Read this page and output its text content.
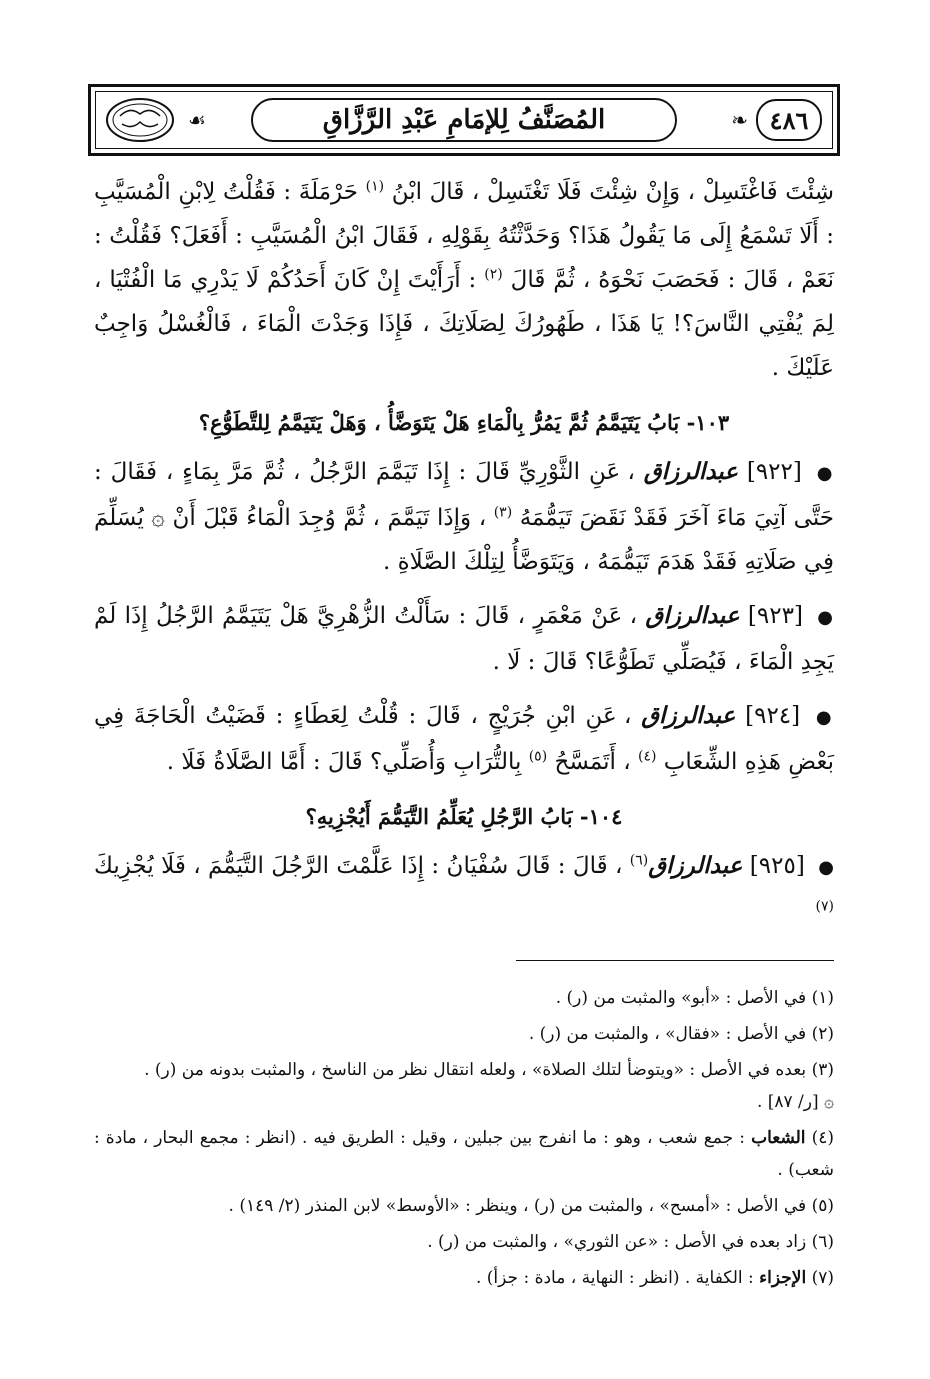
❧
☙	المُصَنَّفُ لِلإمَامِ عَبْدِ الرَّزَّاقِ	٤٨٦

شِئْتَ فَاغْتَسِلْ ، وَإِنْ شِئْتَ فَلَا تَغْتَسِلْ ، قَالَ ابْنُ $^{(١)}$ حَرْمَلَةَ : فَقُلْتُ لِابْنِ الْمُسَيَّبِ : أَلَا تَسْمَعُ إِلَى مَا يَقُولُ هَذَا؟ وَحَدَّثْتُهُ بِقَوْلِهِ ، فَقَالَ ابْنُ الْمُسَيَّبِ : أَفَعَلَ؟ فَقُلْتُ : نَعَمْ ، قَالَ : فَحَصَبَ نَحْوَهُ ، ثُمَّ قَالَ $^{(٢)}$ : أَرَأَيْتَ إِنْ كَانَ أَحَدُكُمْ لَا يَدْرِي مَا الْفُتْيَا ، لِمَ يُفْتِي النَّاسَ؟! يَا هَذَا ، طَهُورُكَ لِصَلَاتِكَ ، فَإِذَا وَجَدْتَ الْمَاءَ ، فَالْغُسْلُ وَاجِبٌ عَلَيْكَ .

١٠٣- بَابُ يَتَيَمَّمُ ثُمَّ يَمُرُّ بِالْمَاءِ هَلْ يَتَوَضَّأُ ، وَهَلْ يَتَيَمَّمُ لِلتَّطَوُّعِ؟

● [٩٢٢] عبدالرزاق ، عَنِ الثَّوْرِيِّ قَالَ : إِذَا تَيَمَّمَ الرَّجُلُ ، ثُمَّ مَرَّ بِمَاءٍ ، فَقَالَ : حَتَّى آتِيَ مَاءَ آخَرَ فَقَدْ نَقَضَ تَيَمُّمَهُ $^{(٣)}$ ، وَإِذَا تَيَمَّمَ ، ثُمَّ وُجِدَ الْمَاءُ قَبْلَ أَنْ ۞ يُسَلِّمَ فِي صَلَاتِهِ فَقَدْ هَدَمَ تَيَمُّمَهُ ، وَيَتَوَضَّأُ لِتِلْكَ الصَّلَاةِ .

● [٩٢٣] عبدالرزاق ، عَنْ مَعْمَرٍ ، قَالَ : سَأَلْتُ الزُّهْرِيَّ هَلْ يَتَيَمَّمُ الرَّجُلُ إِذَا لَمْ يَجِدِ الْمَاءَ ، فَيُصَلِّي تَطَوُّعًا؟ قَالَ : لَا .

● [٩٢٤] عبدالرزاق ، عَنِ ابْنِ جُرَيْجٍ ، قَالَ : قُلْتُ لِعَطَاءٍ : قَضَيْتُ الْحَاجَةَ فِي بَعْضِ هَذِهِ الشِّعَابِ $^{(٤)}$ ، أَتَمَسَّحُ $^{(٥)}$ بِالتُّرَابِ وَأُصَلِّي؟ قَالَ : أَمَّا الصَّلَاةُ فَلَا .

١٠٤- بَابُ الرَّجُلِ يُعَلِّمُ التَّيَمُّمَ أَيُجْزِيهِ؟

● [٩٢٥] عبدالرزاق$^{(٦)}$ ، قَالَ : قَالَ سُفْيَانُ : إِذَا عَلَّمْتَ الرَّجُلَ التَّيَمُّمَ ، فَلَا يُجْزِيكَ $^{(٧)}$

(١) في الأصل : «أبو» والمثبت من (ر) .

(٢) في الأصل : «فقال» ، والمثبت من (ر) .

(٣) بعده في الأصل : «ويتوضأ لتلك الصلاة» ، ولعله انتقال نظر من الناسخ ، والمثبت بدونه من (ر) .
۞ [ر/ ٨٧] .

(٤) الشعاب : جمع شعب ، وهو : ما انفرج بين جبلين ، وقيل : الطريق فيه . (انظر : مجمع البحار ، مادة : شعب) .

(٥) في الأصل : «أمسح» ، والمثبت من (ر) ، وينظر : «الأوسط» لابن المنذر (٢/ ١٤٩) .

(٦) زاد بعده في الأصل : «عن الثوري» ، والمثبت من (ر) .

(٧) الإجزاء : الكفاية . (انظر : النهاية ، مادة : جزأ) .
